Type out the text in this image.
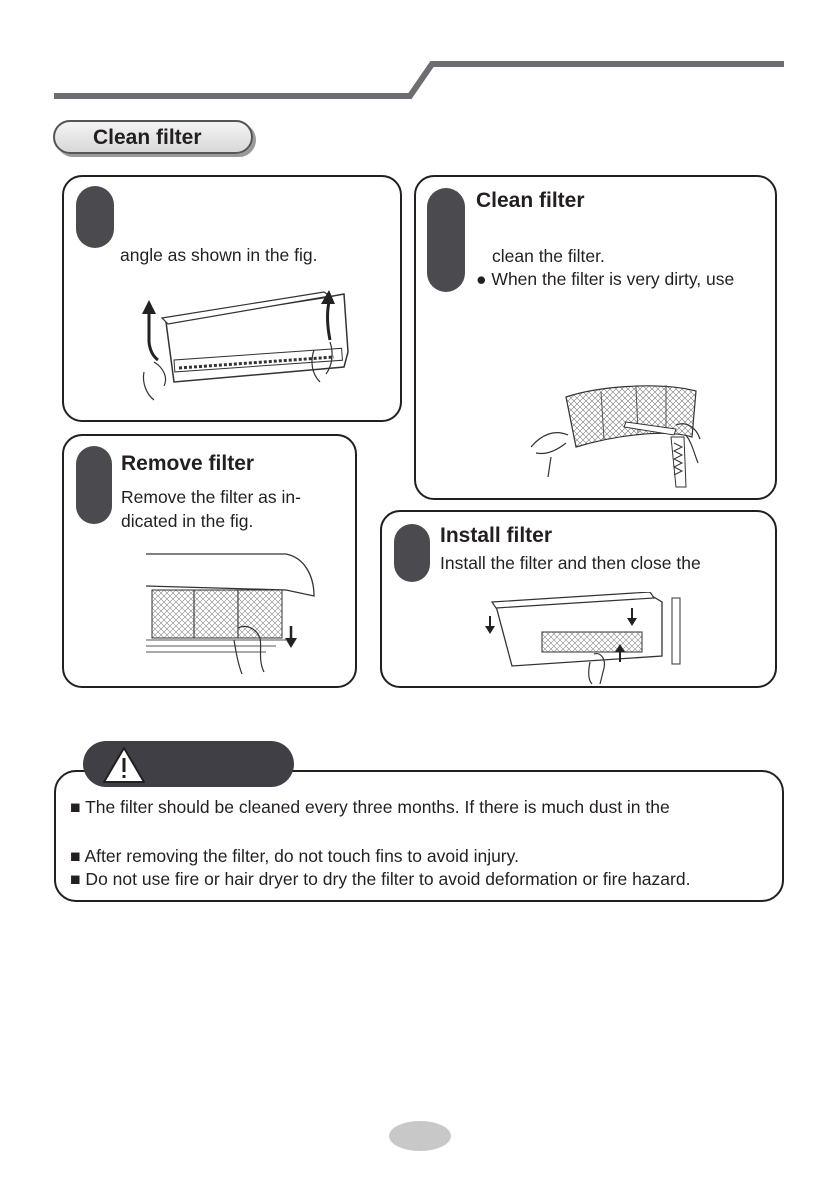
Clean filter
angle as shown in the fig.
Clean filter
clean the filter.
● When the filter is very dirty, use
Remove filter
Remove the filter as in-
dicated in the fig.
Install filter
Install the filter and then close the
■ The filter should be cleaned every three months. If there is much dust in the
■ After removing the filter, do not touch fins to avoid injury.
■ Do not use fire or hair dryer to dry the filter to avoid deformation or fire hazard.
